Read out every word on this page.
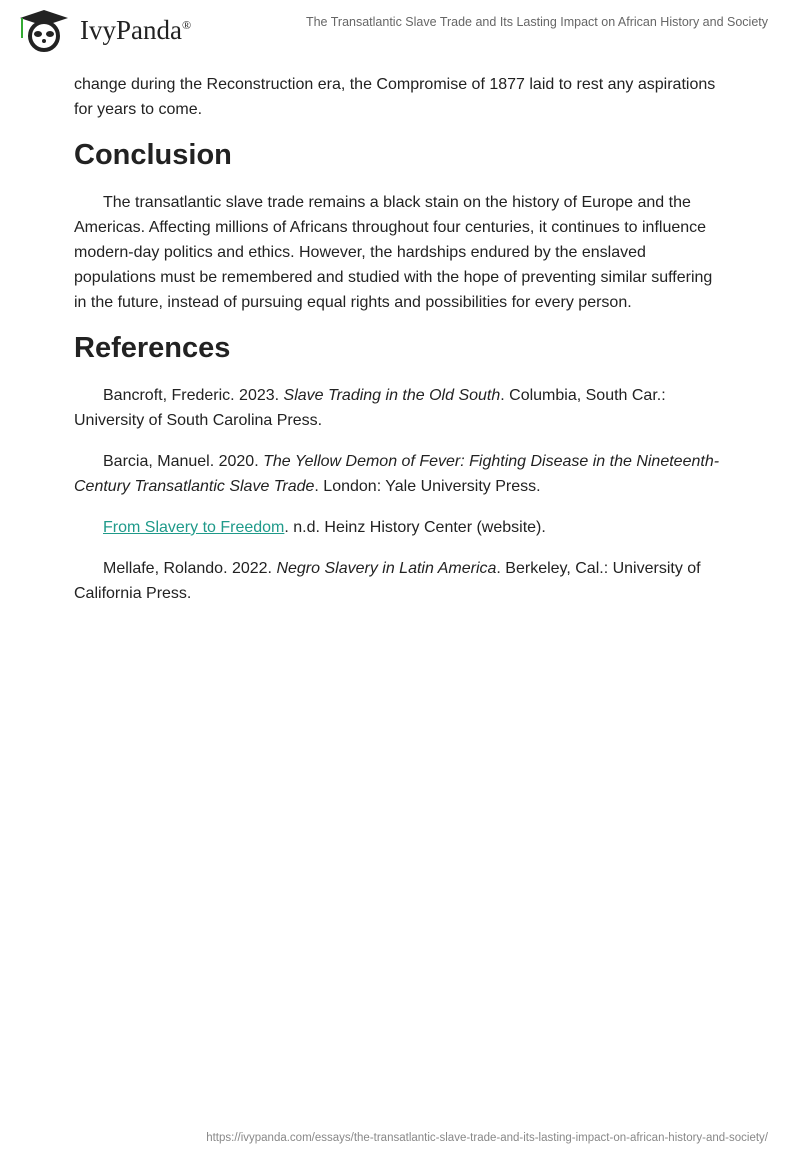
IvyPanda®	The Transatlantic Slave Trade and Its Lasting Impact on African History and Society

change during the Reconstruction era, the Compromise of 1877 laid to rest any aspirations for years to come.

Conclusion

The transatlantic slave trade remains a black stain on the history of Europe and the Americas. Affecting millions of Africans throughout four centuries, it continues to influence modern-day politics and ethics. However, the hardships endured by the enslaved populations must be remembered and studied with the hope of preventing similar suffering in the future, instead of pursuing equal rights and possibilities for every person.

References

Bancroft, Frederic. 2023. Slave Trading in the Old South. Columbia, South Car.: University of South Carolina Press.

Barcia, Manuel. 2020. The Yellow Demon of Fever: Fighting Disease in the Nineteenth-Century Transatlantic Slave Trade. London: Yale University Press.

From Slavery to Freedom. n.d. Heinz History Center (website).

Mellafe, Rolando. 2022. Negro Slavery in Latin America. Berkeley, Cal.: University of California Press.

https://ivypanda.com/essays/the-transatlantic-slave-trade-and-its-lasting-impact-on-african-history-and-society/
